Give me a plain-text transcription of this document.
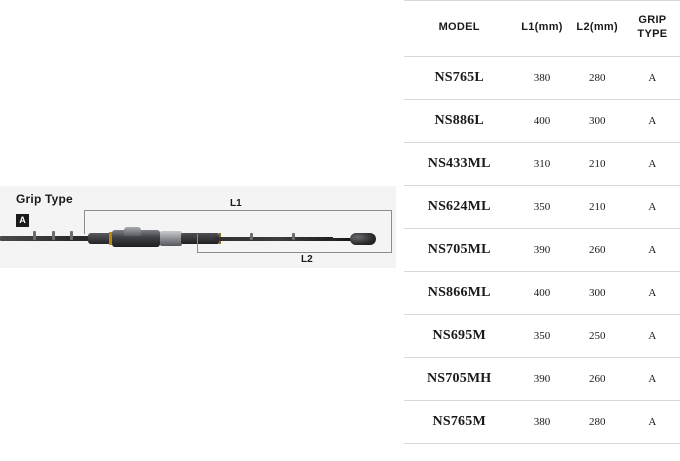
Grip Type
A
L1
L2
MODEL	L1(mm)	L2(mm)	GRIP
TYPE
NS765L	380	280	A
NS886L	400	300	A
NS433ML	310	210	A
NS624ML	350	210	A
NS705ML	390	260	A
NS866ML	400	300	A
NS695M	350	250	A
NS705MH	390	260	A
NS765M	380	280	A
